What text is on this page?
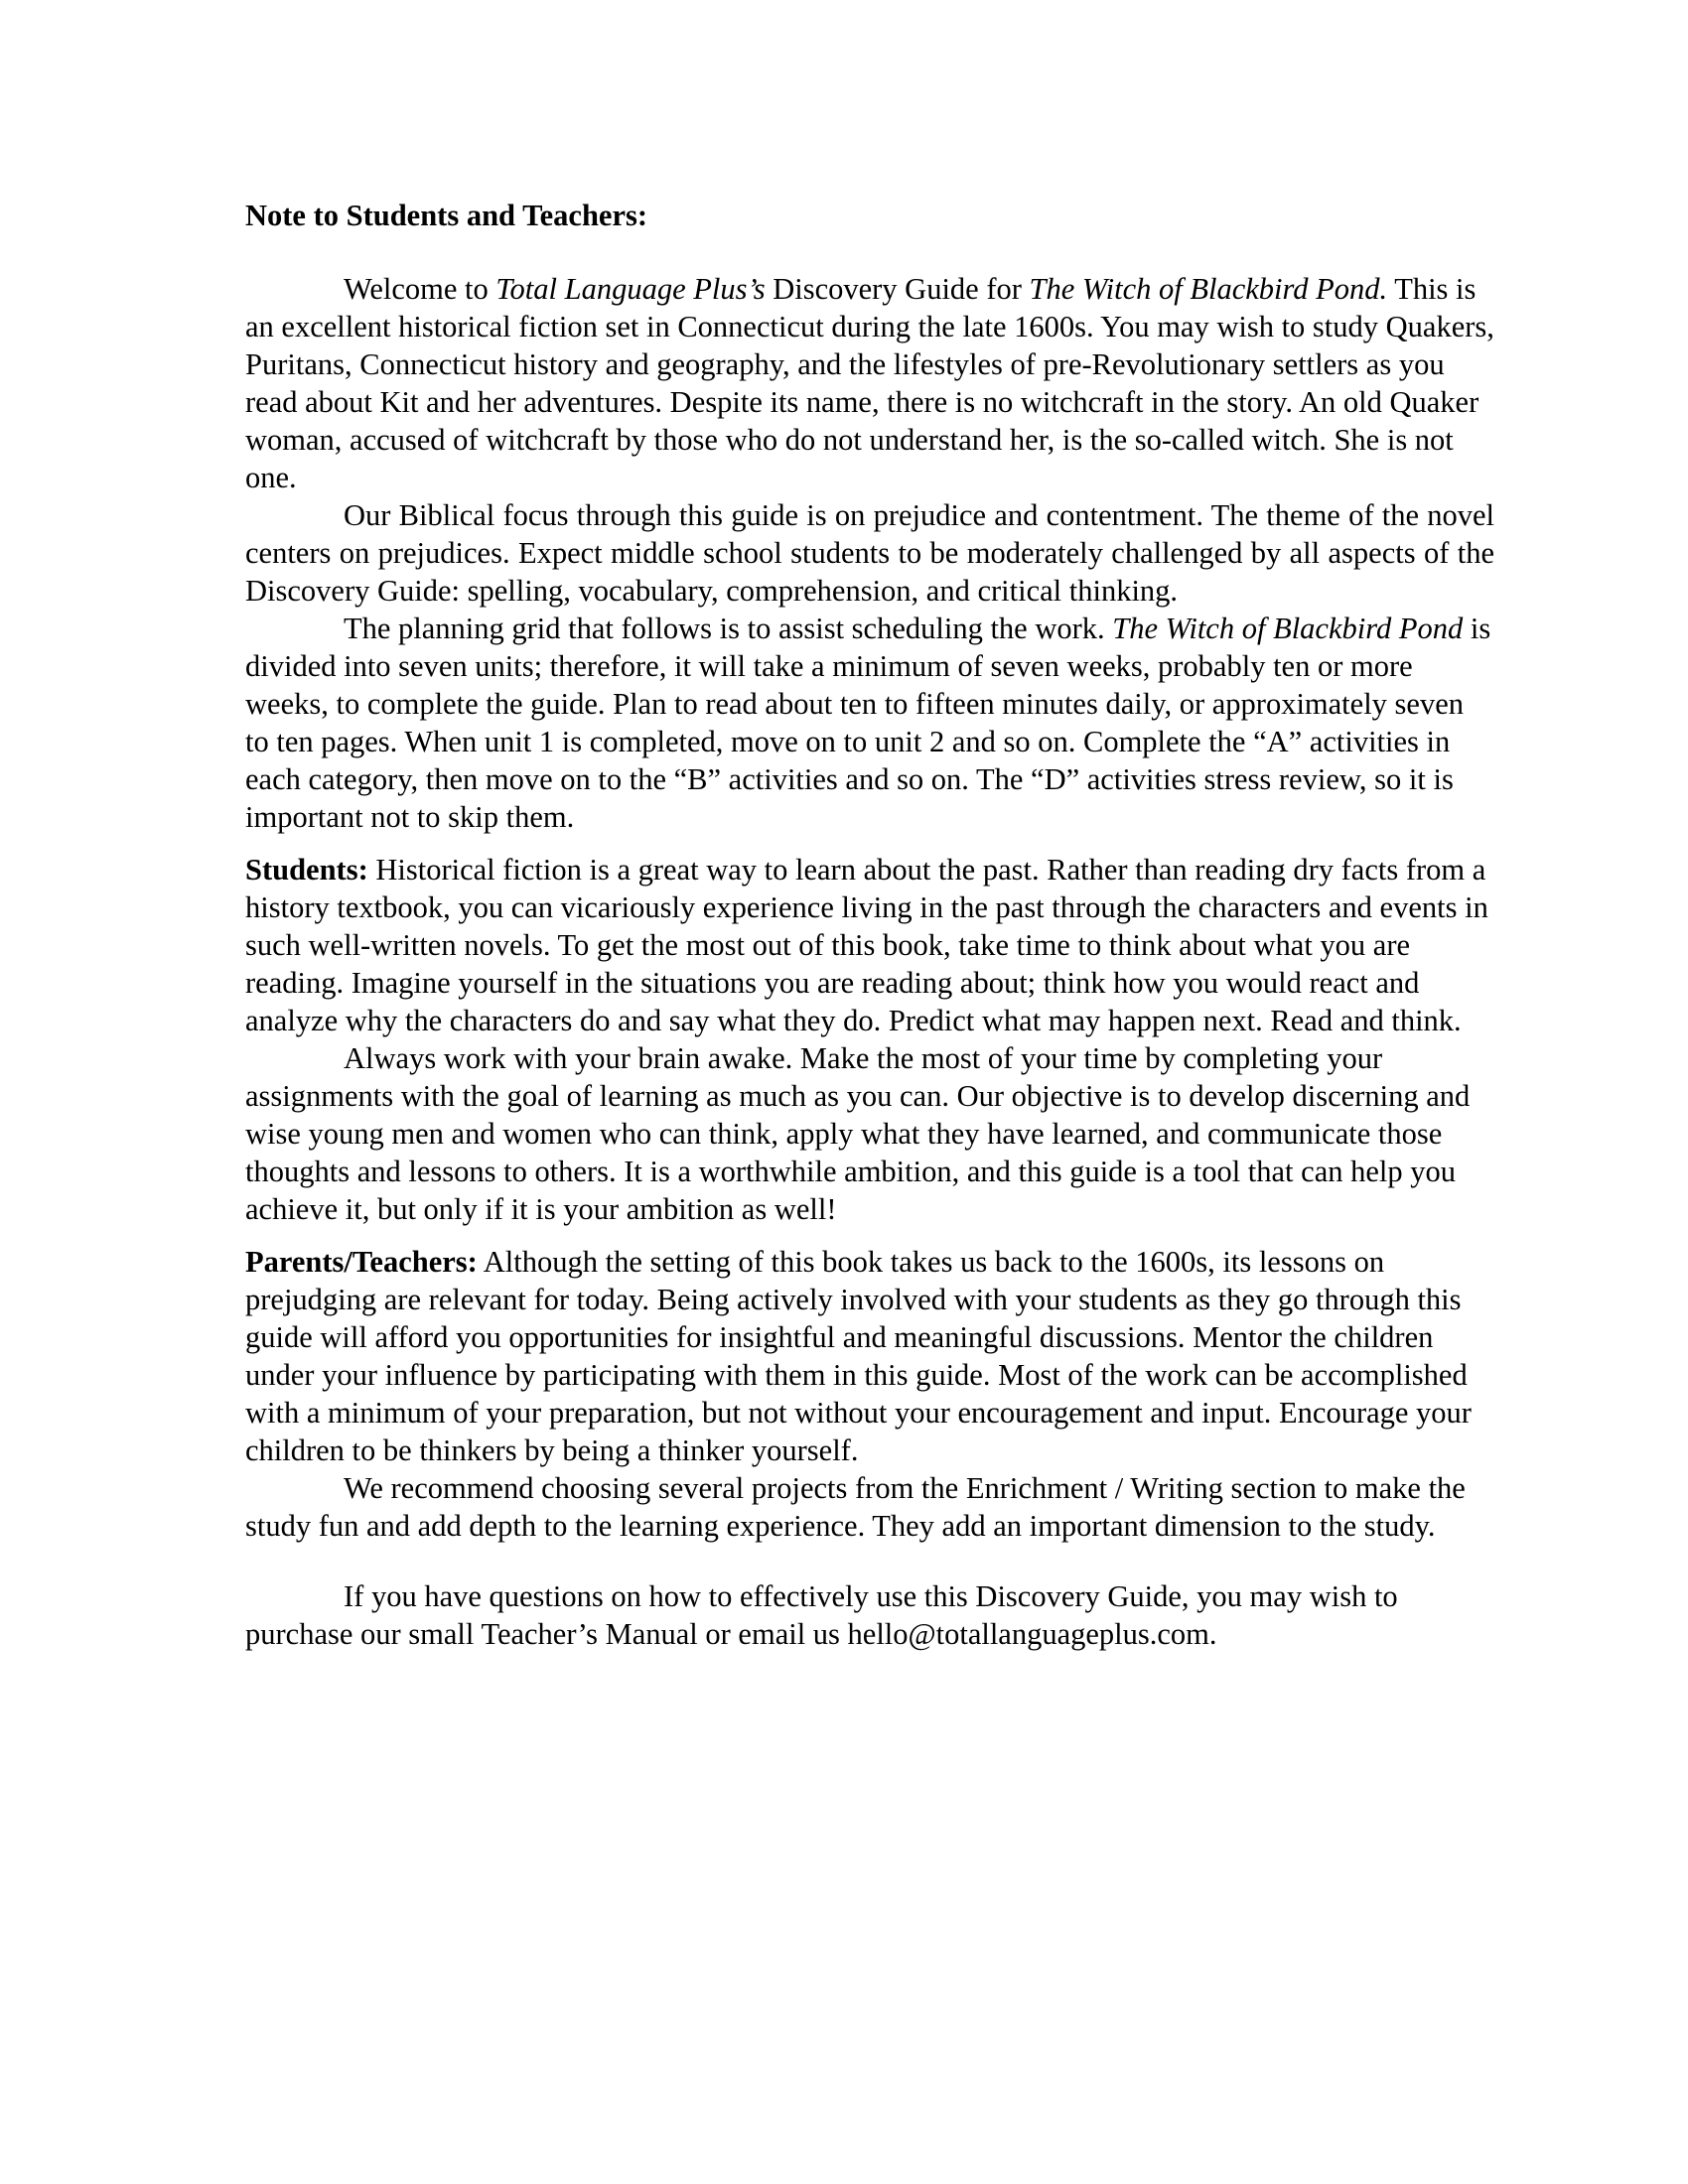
Note to Students and Teachers:

Welcome to Total Language Plus’s Discovery Guide for The Witch of Blackbird Pond. This is an excellent historical fiction set in Connecticut during the late 1600s. You may wish to study Quakers, Puritans, Connecticut history and geography, and the lifestyles of pre-Revolutionary settlers as you read about Kit and her adventures. Despite its name, there is no witchcraft in the story. An old Quaker woman, accused of witchcraft by those who do not understand her, is the so-called witch. She is not one.

Our Biblical focus through this guide is on prejudice and contentment. The theme of the novel centers on prejudices. Expect middle school students to be moderately challenged by all aspects of the Discovery Guide: spelling, vocabulary, comprehension, and critical thinking.

The planning grid that follows is to assist scheduling the work. The Witch of Blackbird Pond is divided into seven units; therefore, it will take a minimum of seven weeks, probably ten or more weeks, to complete the guide. Plan to read about ten to fifteen minutes daily, or approximately seven to ten pages. When unit 1 is completed, move on to unit 2 and so on. Complete the “A” activities in each category, then move on to the “B” activities and so on. The “D” activities stress review, so it is important not to skip them.

Students: Historical fiction is a great way to learn about the past. Rather than reading dry facts from a history textbook, you can vicariously experience living in the past through the characters and events in such well-written novels. To get the most out of this book, take time to think about what you are reading. Imagine yourself in the situations you are reading about; think how you would react and analyze why the characters do and say what they do. Predict what may happen next. Read and think.

Always work with your brain awake. Make the most of your time by completing your assignments with the goal of learning as much as you can. Our objective is to develop discerning and wise young men and women who can think, apply what they have learned, and communicate those thoughts and lessons to others. It is a worthwhile ambition, and this guide is a tool that can help you achieve it, but only if it is your ambition as well!

Parents/Teachers: Although the setting of this book takes us back to the 1600s, its lessons on prejudging are relevant for today. Being actively involved with your students as they go through this guide will afford you opportunities for insightful and meaningful discussions. Mentor the children under your influence by participating with them in this guide. Most of the work can be accomplished with a minimum of your preparation, but not without your encouragement and input. Encourage your children to be thinkers by being a thinker yourself.

We recommend choosing several projects from the Enrichment / Writing section to make the study fun and add depth to the learning experience. They add an important dimension to the study.

If you have questions on how to effectively use this Discovery Guide, you may wish to purchase our small Teacher’s Manual or email us hello@totallanguageplus.com.
